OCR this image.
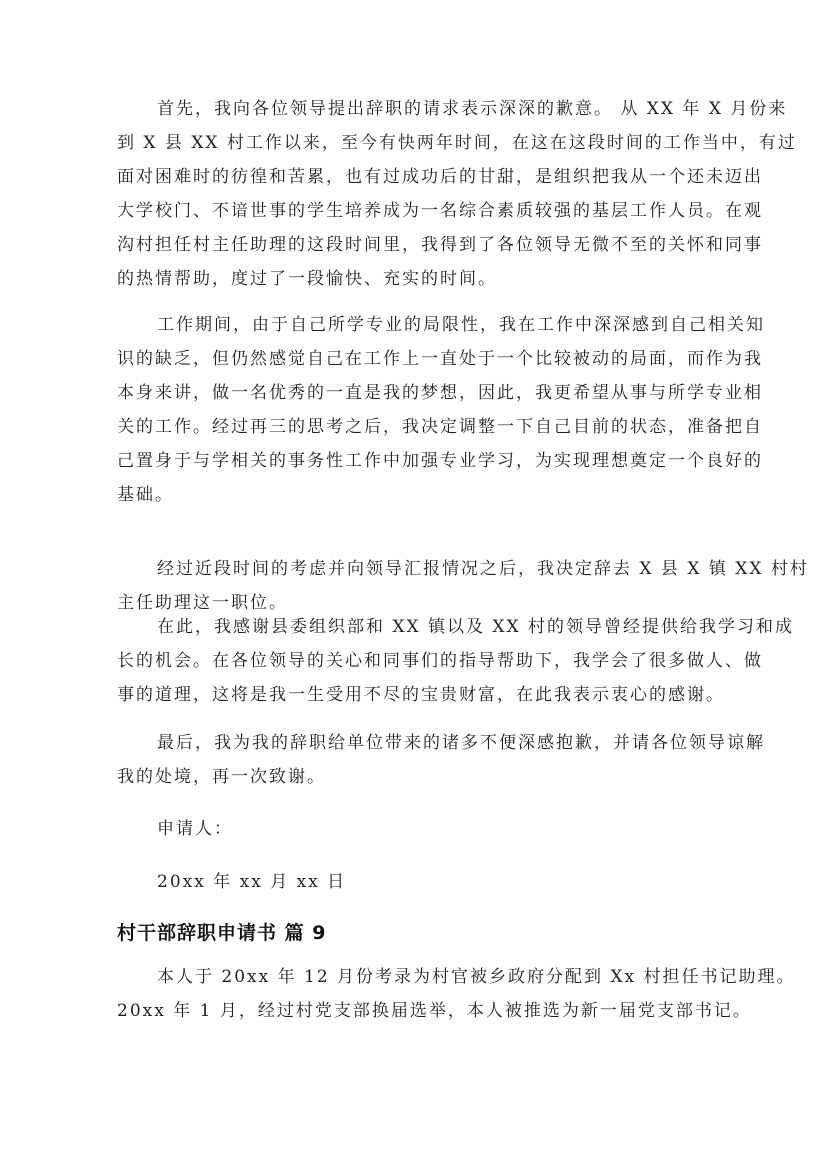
首先，我向各位领导提出辞职的请求表示深深的歉意。 从 XX 年 X 月份来
到 X 县 XX 村工作以来，至今有快两年时间，在这在这段时间的工作当中，有过
面对困难时的彷徨和苦累，也有过成功后的甘甜，是组织把我从一个还未迈出
大学校门、不谙世事的学生培养成为一名综合素质较强的基层工作人员。在观
沟村担任村主任助理的这段时间里，我得到了各位领导无微不至的关怀和同事
的热情帮助，度过了一段愉快、充实的时间。
工作期间，由于自己所学专业的局限性，我在工作中深深感到自己相关知
识的缺乏，但仍然感觉自己在工作上一直处于一个比较被动的局面，而作为我
本身来讲，做一名优秀的一直是我的梦想，因此，我更希望从事与所学专业相
关的工作。经过再三的思考之后，我决定调整一下自己目前的状态，准备把自
己置身于与学相关的事务性工作中加强专业学习，为实现理想奠定一个良好的
基础。
经过近段时间的考虑并向领导汇报情况之后，我决定辞去 X 县 X 镇 XX 村村
主任助理这一职位。
在此，我感谢县委组织部和 XX 镇以及 XX 村的领导曾经提供给我学习和成
长的机会。在各位领导的关心和同事们的指导帮助下，我学会了很多做人、做
事的道理，这将是我一生受用不尽的宝贵财富，在此我表示衷心的感谢。
最后，我为我的辞职给单位带来的诸多不便深感抱歉，并请各位领导谅解
我的处境，再一次致谢。
申请人：
20xx 年 xx 月 xx 日
村干部辞职申请书 篇 9
本人于 20xx 年 12 月份考录为村官被乡政府分配到 Xx 村担任书记助理。
20xx 年 1 月，经过村党支部换届选举，本人被推选为新一届党支部书记。
